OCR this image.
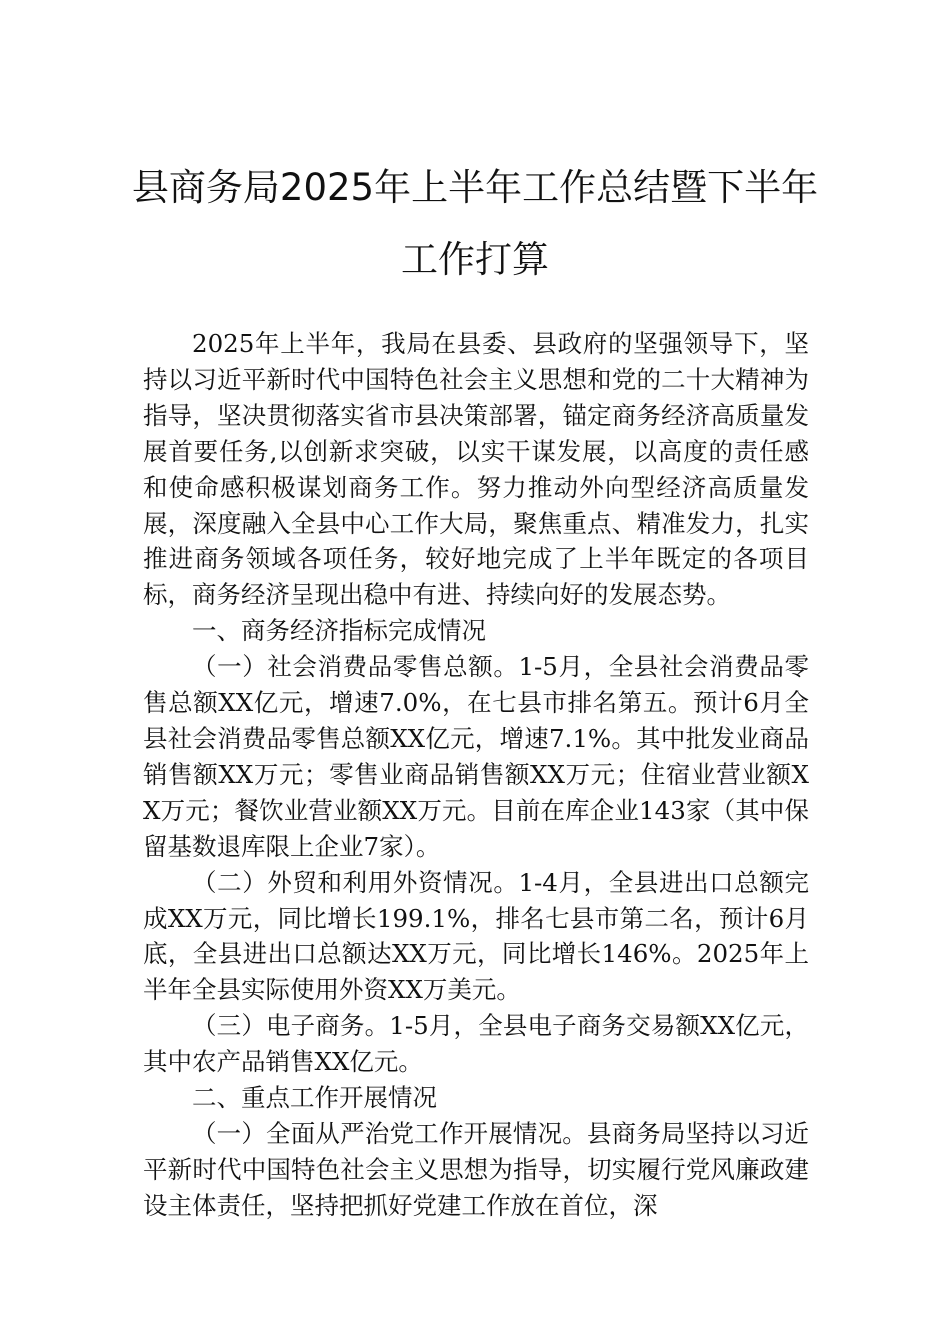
县商务局2025年上半年工作总结暨下半年
工作打算

2025年上半年，我局在县委、县政府的坚强领导下，坚持以习近平新时代中国特色社会主义思想和党的二十大精神为指导，坚决贯彻落实省市县决策部署，锚定商务经济高质量发展首要任务,以创新求突破，以实干谋发展，以高度的责任感和使命感积极谋划商务工作。努力推动外向型经济高质量发展，深度融入全县中心工作大局，聚焦重点、精准发力，扎实推进商务领域各项任务，较好地完成了上半年既定的各项目标，商务经济呈现出稳中有进、持续向好的发展态势。

一、商务经济指标完成情况

（一）社会消费品零售总额。1-5月，全县社会消费品零售总额XX亿元，增速7.0%，在七县市排名第五。预计6月全县社会消费品零售总额XX亿元，增速7.1%。其中批发业商品销售额XX万元；零售业商品销售额XX万元；住宿业营业额XX万元；餐饮业营业额XX万元。目前在库企业143家（其中保留基数退库限上企业7家）。

（二）外贸和利用外资情况。1-4月，全县进出口总额完成XX万元，同比增长199.1%，排名七县市第二名，预计6月底，全县进出口总额达XX万元，同比增长146%。2025年上半年全县实际使用外资XX万美元。

（三）电子商务。1-5月，全县电子商务交易额XX亿元，其中农产品销售XX亿元。

二、重点工作开展情况

（一）全面从严治党工作开展情况。县商务局坚持以习近平新时代中国特色社会主义思想为指导，切实履行党风廉政建设主体责任，坚持把抓好党建工作放在首位，深
